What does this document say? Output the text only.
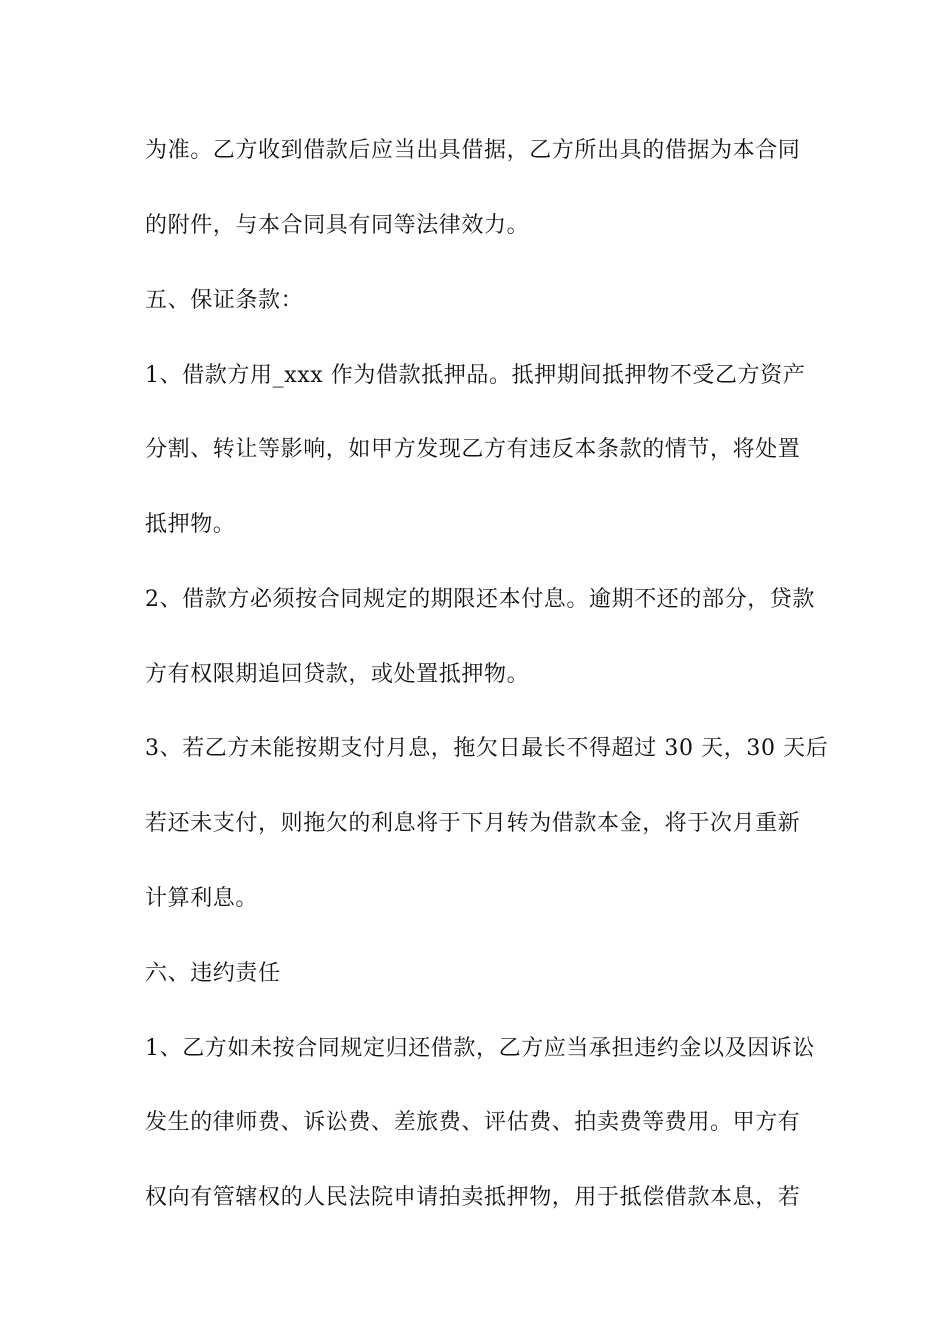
为准。乙方收到借款后应当出具借据，乙方所出具的借据为本合同
的附件，与本合同具有同等法律效力。
五、保证条款：
1、借款方用_xxx 作为借款抵押品。抵押期间抵押物不受乙方资产
分割、转让等影响，如甲方发现乙方有违反本条款的情节，将处置
抵押物。
2、借款方必须按合同规定的期限还本付息。逾期不还的部分，贷款
方有权限期追回贷款，或处置抵押物。
3、若乙方未能按期支付月息，拖欠日最长不得超过 30 天，30 天后
若还未支付，则拖欠的利息将于下月转为借款本金，将于次月重新
计算利息。
六、违约责任
1、乙方如未按合同规定归还借款，乙方应当承担违约金以及因诉讼
发生的律师费、诉讼费、差旅费、评估费、拍卖费等费用。甲方有
权向有管辖权的人民法院申请拍卖抵押物，用于抵偿借款本息，若
